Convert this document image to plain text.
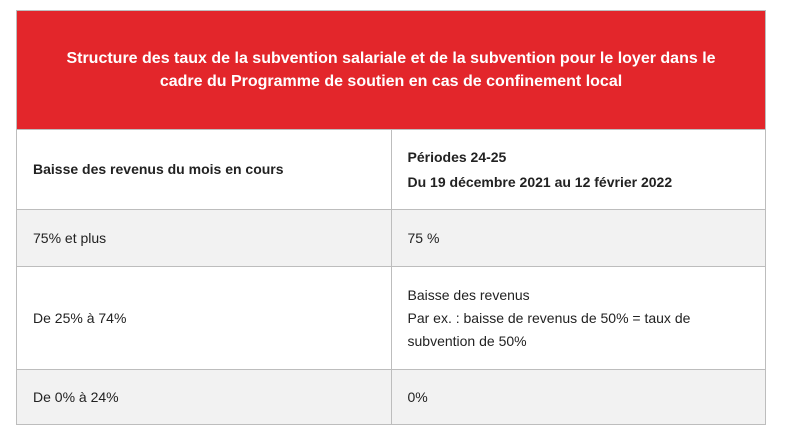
Structure des taux de la subvention salariale et de la subvention pour le loyer dans le cadre du Programme de soutien en cas de confinement local	
Baisse des revenus du mois en cours	Périodes 24-25
Du 19 décembre 2021 au 12 février 2022

75% et plus	75 %

De 25% à 74%	Baisse des revenus
Par ex. : baisse de revenus de 50% = taux de
subvention de 50%

De 0% à 24%	0%
